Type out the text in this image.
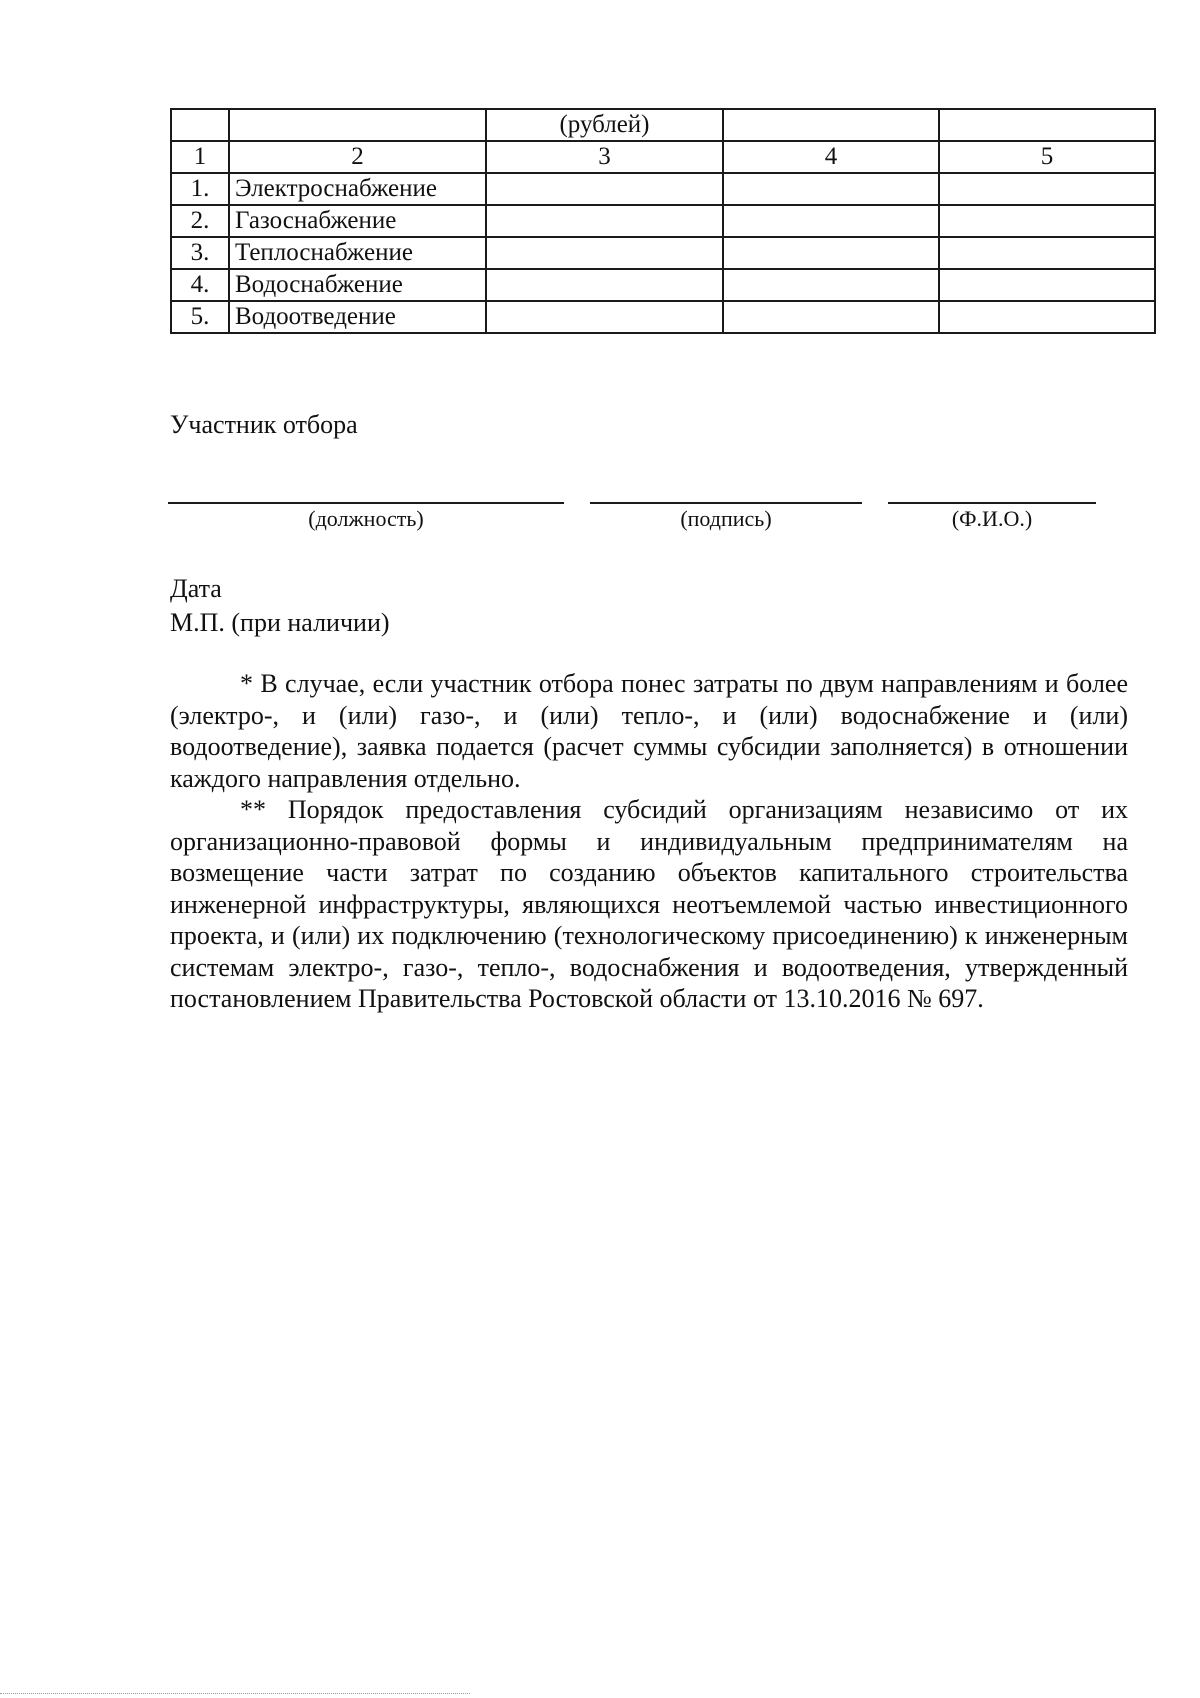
		(рублей)		
1	2	3	4	5
1.	Электроснабжение			
2.	Газоснабжение			
3.	Теплоснабжение			
4.	Водоснабжение			
5.	Водоотведение			
Участник отбора
(должность)	(подпись)	(Ф.И.О.)
Дата
М.П. (при наличии)

* В случае, если участник отбора понес затраты по двум направлениям и более (электро-, и (или) газо-, и (или) тепло-, и (или) водоснабжение и (или) водоотведение), заявка подается (расчет суммы субсидии заполняется) в отношении каждого направления отдельно.

** Порядок предоставления субсидий организациям независимо от их организационно-правовой формы и индивидуальным предпринимателям на возмещение части затрат по созданию объектов капитального строительства инженерной инфраструктуры, являющихся неотъемлемой частью инвестиционного проекта, и (или) их подключению (технологическому присоединению) к инженерным системам электро-, газо-, тепло-, водоснабжения и водоотведения, утвержденный постановлением Правительства Ростовской области от 13.10.2016 № 697.
